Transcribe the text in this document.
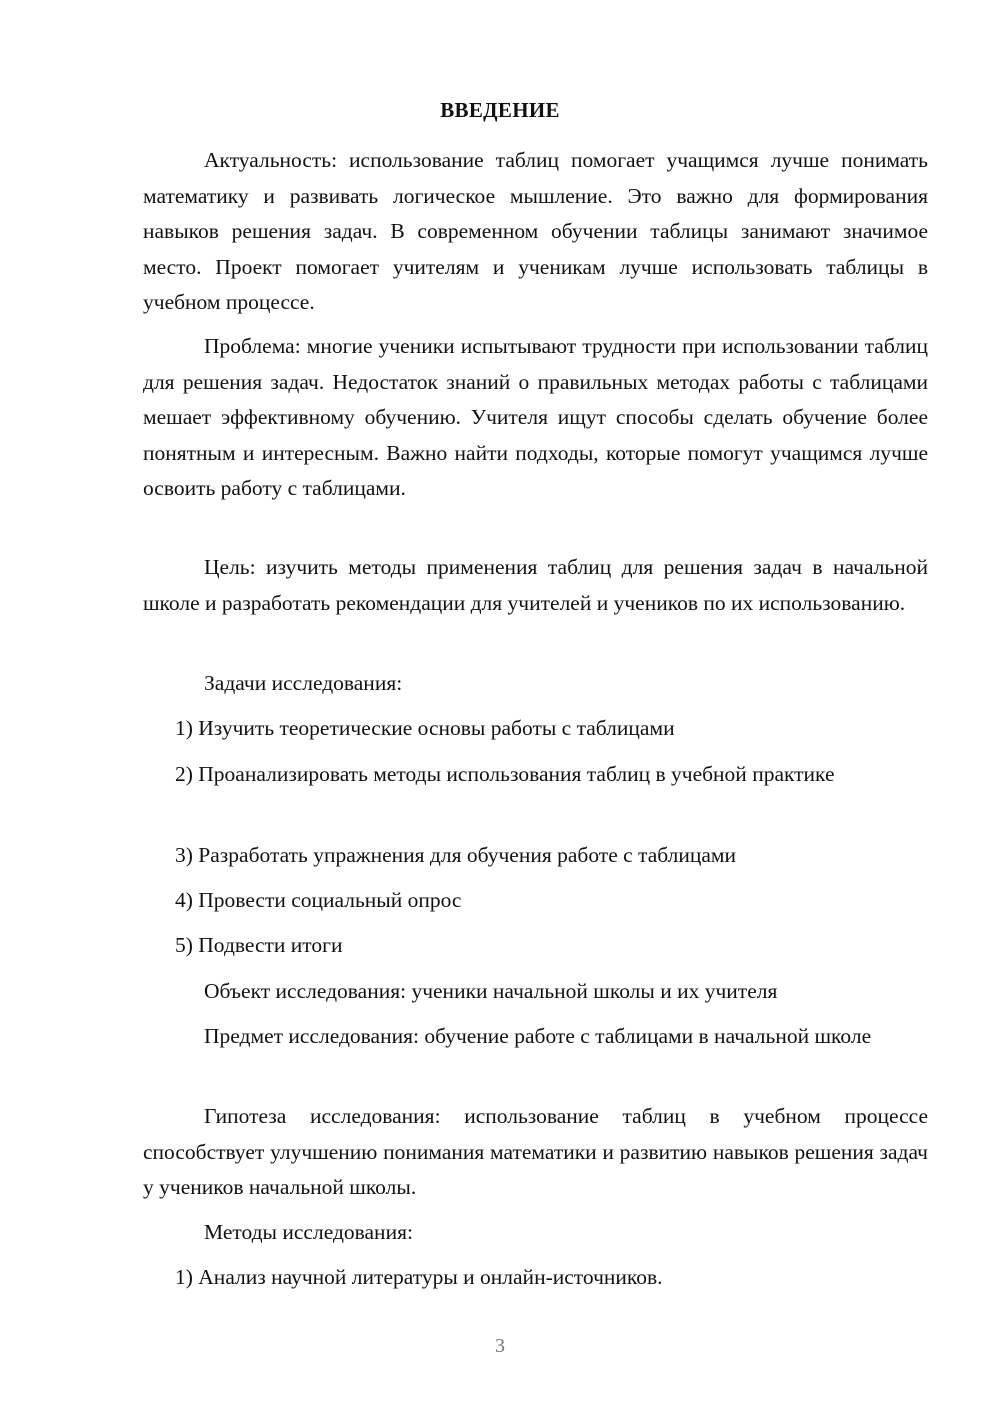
ВВЕДЕНИЕ

Актуальность: использование таблиц помогает учащимся лучше понимать математику и развивать логическое мышление. Это важно для формирования навыков решения задач. В современном обучении таблицы занимают значимое место. Проект помогает учителям и ученикам лучше использовать таблицы в учебном процессе.

Проблема: многие ученики испытывают трудности при использовании таблиц для решения задач. Недостаток знаний о правильных методах работы с таблицами мешает эффективному обучению. Учителя ищут способы сделать обучение более понятным и интересным. Важно найти подходы, которые помогут учащимся лучше освоить работу с таблицами.

Цель: изучить методы применения таблиц для решения задач в начальной школе и разработать рекомендации для учителей и учеников по их использованию.

Задачи исследования:

1) Изучить теоретические основы работы с таблицами

2) Проанализировать методы использования таблиц в учебной практике

3) Разработать упражнения для обучения работе с таблицами

4) Провести социальный опрос

5) Подвести итоги

Объект исследования: ученики начальной школы и их учителя

Предмет исследования: обучение работе с таблицами в начальной школе

Гипотеза исследования: использование таблиц в учебном процессе способствует улучшению понимания математики и развитию навыков решения задач у учеников начальной школы.

Методы исследования:

1) Анализ научной литературы и онлайн-источников.

3
